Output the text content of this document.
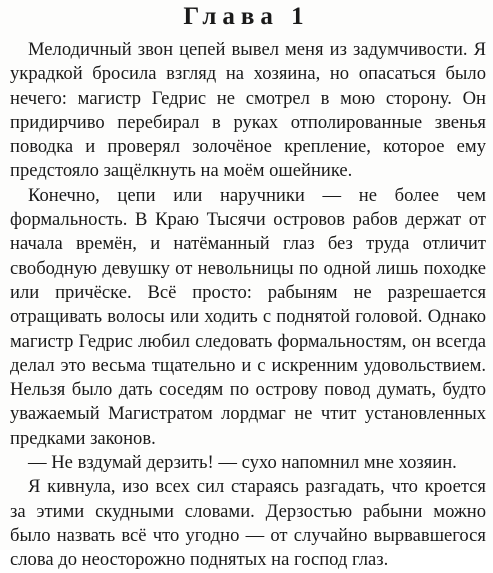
Глава 1

Мелодичный звон цепей вывел меня из задумчивости. Я украдкой бросила взгляд на хозяина, но опасаться было нечего: магистр Гедрис не смотрел в мою сторону. Он придирчиво перебирал в руках отполированные звенья поводка и проверял золочёное крепление, которое ему предстояло защёлкнуть на моём ошейнике.

Конечно, цепи или наручники — не более чем формальность. В Краю Тысячи островов рабов держат от начала времён, и натёманный глаз без труда отличит свободную девушку от невольницы по одной лишь походке или причёске. Всё просто: рабыням не разрешается отращивать волосы или ходить с поднятой головой. Однако магистр Гедрис любил следовать формальностям, он всегда делал это весьма тщательно и с искренним удовольствием. Нельзя было дать соседям по острову повод думать, будто уважаемый Магистратом лордмаг не чтит установленных предками законов.

— Не вздумай дерзить! — сухо напомнил мне хозяин.

Я кивнула, изо всех сил стараясь разгадать, что кроется за этими скудными словами. Дерзостью рабыни можно было назвать всё что угодно — от случайно вырвавшегося слова до неосторожно поднятых на господ глаз.
